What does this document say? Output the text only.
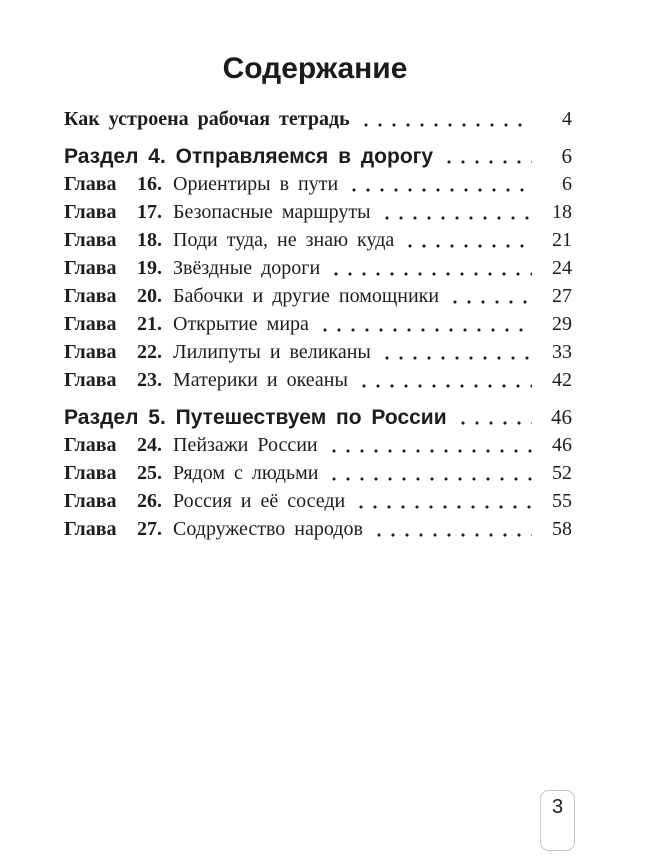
Содержание
Как устроена рабочая тетрадь	4
Раздел 4. Отправляемся в дорогу	6
Глава	16. Ориентиры в пути	6
Глава	17. Безопасные маршруты	18
Глава	18. Поди туда, не знаю куда	21
Глава	19. Звёздные дороги	24
Глава	20. Бабочки и другие помощники	27
Глава	21. Открытие мира	29
Глава	22. Лилипуты и великаны	33
Глава	23. Материки и океаны	42
Раздел 5. Путешествуем по России	46
Глава	24. Пейзажи России	46
Глава	25. Рядом с людьми	52
Глава	26. Россия и её соседи	55
Глава	27. Содружество народов	58
3
